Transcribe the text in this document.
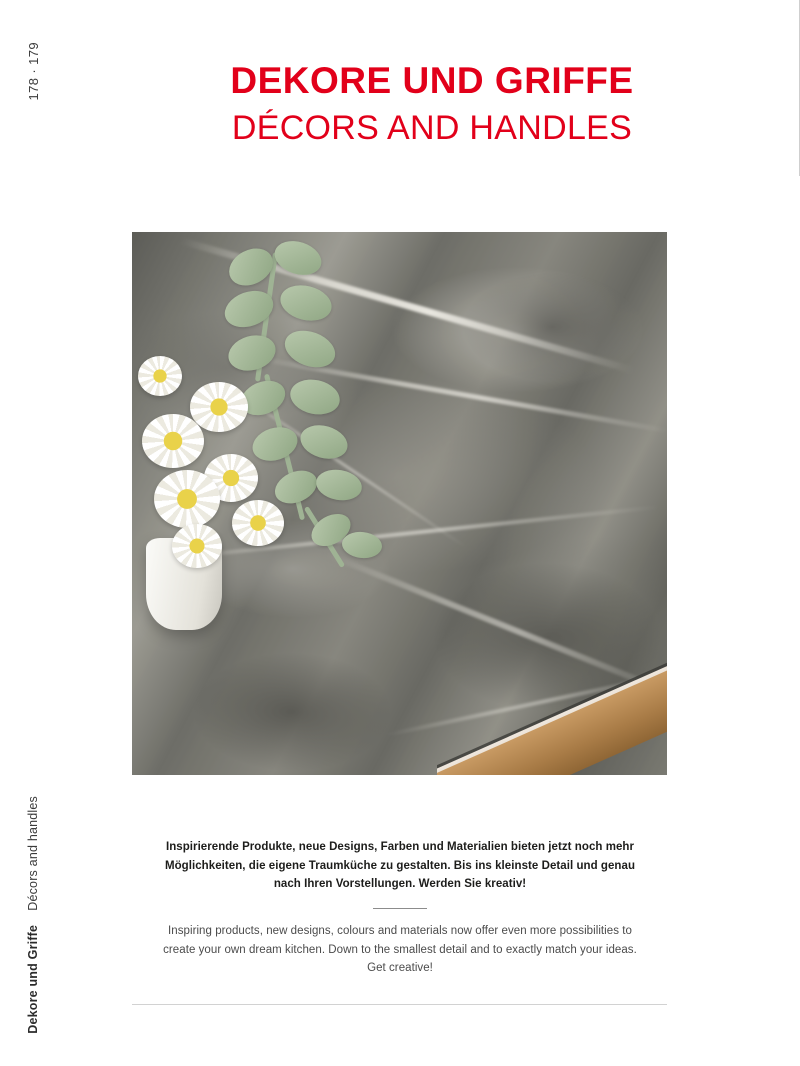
178 · 179
Dekore und Griffe
Décors and handles
DEKORE UND GRIFFE
DÉCORS AND HANDLES

Inspirierende Produkte, neue Designs, Farben und Materialien bieten jetzt noch mehr Möglichkeiten, die eigene Traumküche zu gestalten. Bis ins kleinste Detail und genau nach Ihren Vorstellungen. Werden Sie kreativ!

Inspiring products, new designs, colours and materials now offer even more possibilities to create your own dream kitchen. Down to the smallest detail and to exactly match your ideas. Get creative!
